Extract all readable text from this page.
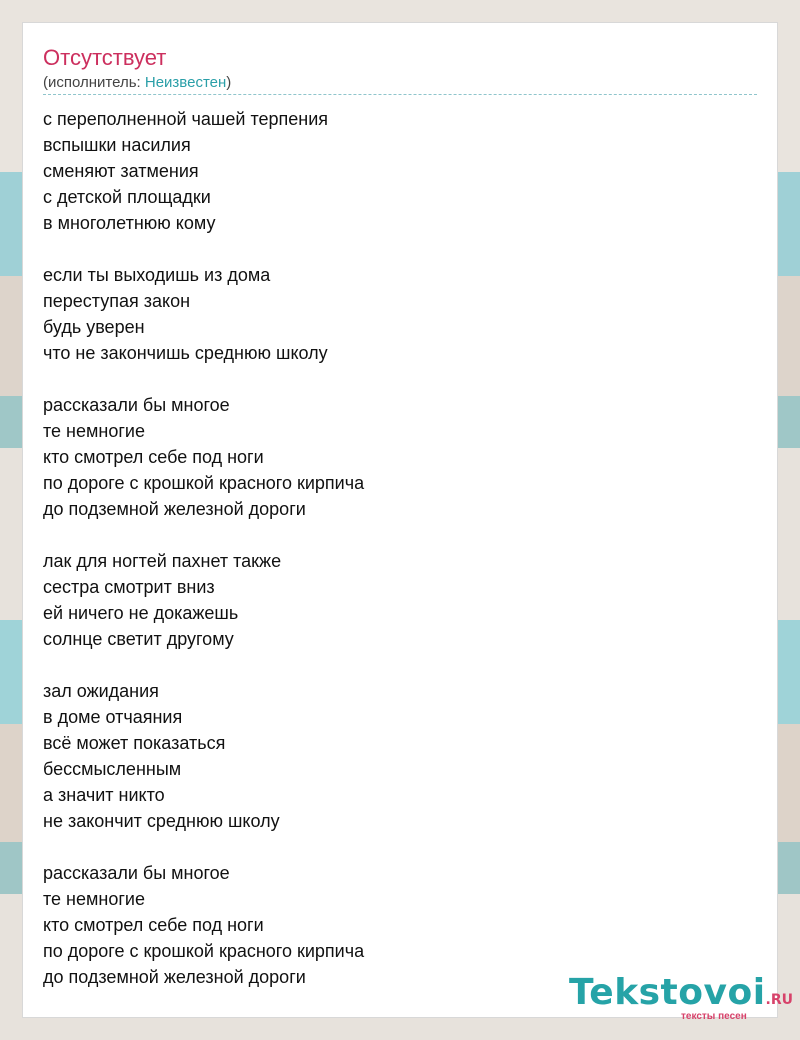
Отсутствует
(исполнитель: Неизвестен)
с переполненной чашей терпения
вспышки насилия
сменяют затмения
с детской площадки
в многолетнюю кому
если ты выходишь из дома
переступая закон
будь уверен
что не закончишь среднюю школу
рассказали бы многое
те немногие
кто смотрел себе под ноги
по дороге с крошкой красного кирпича
до подземной железной дороги
лак для ногтей пахнет также
сестра смотрит вниз
ей ничего не докажешь
солнце светит другому
зал ожидания
в доме отчаяния
всё может показаться
бессмысленным
а значит никто
не закончит среднюю школу
рассказали бы многое
те немногие
кто смотрел себе под ноги
по дороге с крошкой красного кирпича
до подземной железной дороги	Tekstovoi.RU
тексты песен
